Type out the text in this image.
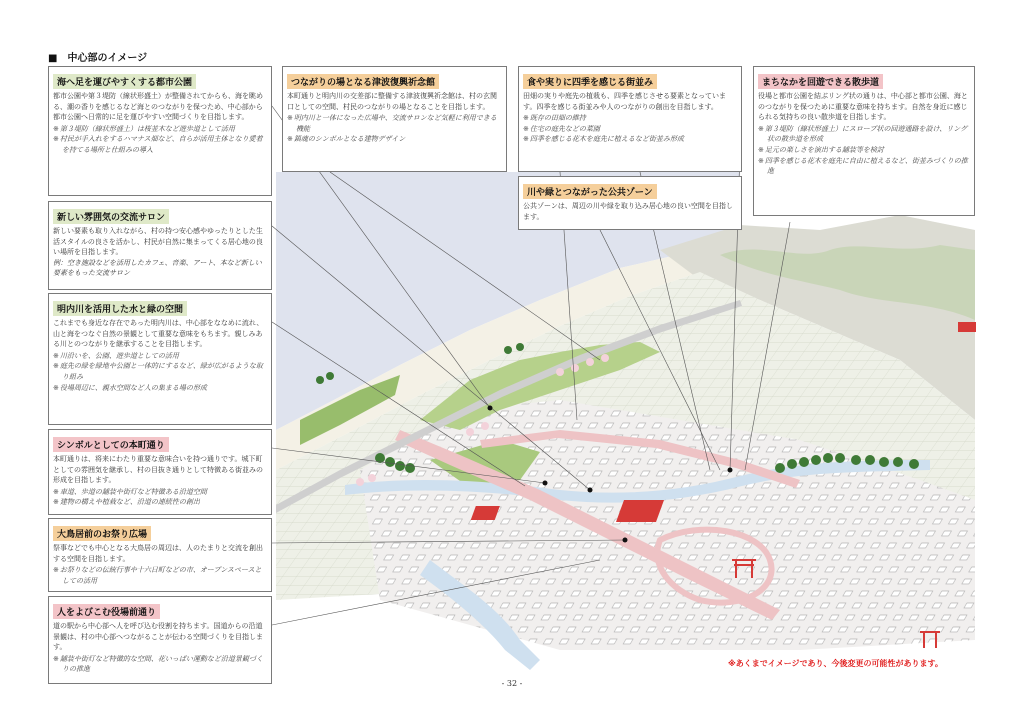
■　中心部のイメージ
海へ足を運びやすくする都市公園
都市公園や第３堤防（線状形盛土）が整備されてからも、海を眺める、潮の香りを感じるなど海とのつながりを保つため、中心部から都市公園へ日常的に足を運びやすい空間づくりを目指します。
※ 第３堤防（線状形盛土）は桜並木など遊歩道として活用
※ 村民が手入れをするハマナス畑など、自らが活用主体となり愛着を持てる場所と仕組みの導入
新しい雰囲気の交流サロン
新しい要素も取り入れながら、村の持つ安心感やゆったりとした生活スタイルの良さを活かし、村民が自然に集まってくる居心地の良い場所を目指します。
例：空き施設などを活用したカフェ、音楽、アート、本など新しい要素をもった交流サロン
明内川を活用した水と緑の空間
これまでも身近な存在であった明内川は、中心部をななめに流れ、山と海をつなぐ自然の景観として重要な意味をもちます。親しみある川とのつながりを継承することを目指します。
※ 川沿いを、公園、遊歩道としての活用
※ 庭先の緑を緑地や公園と一体的にするなど、緑が広がるような取り組み
※ 役場周辺に、親水空間など人の集まる場の形成
シンボルとしての本町通り
本町通りは、将来にわたり重要な意味合いを持つ通りです。城下町としての雰囲気を継承し、村の目抜き通りとして特徴ある街並みの形成を目指します。
※ 車道、歩道の舗装や街灯など特徴ある沿道空間
※ 建物の構えや植栽など、沿道の連続性の創出
大鳥居前のお祭り広場
祭事などでも中心となる大鳥居の周辺は、人のたまりと交流を創出する空間を目指します。
※ お祭りなどの伝統行事や十六日町などの市、オープンスペースとしての活用
人をよびこむ役場前通り
道の駅から中心部へ人を呼び込む役割を持ちます。国道からの沿道景観は、村の中心部へつながることが伝わる空間づくりを目指します。
※ 舗装や街灯など特徴的な空間、花いっぱい運動など沿道景観づくりの推進
つながりの場となる津波復興祈念館
本町通りと明内川の交差部に整備する津波復興祈念館は、村の玄関口としての空間、村民のつながりの場となることを目指します。
※ 明内川と一体になった広場や、交流サロンなど気軽に利用できる機能
※ 鎮魂のシンボルとなる建物デザイン
食や実りに四季を感じる街並み
田畑の実りや庭先の植栽も、四季を感じさせる要素となっています。四季を感じる街並みや人のつながりの創出を目指します。
※ 既存の田畑の維持
※ 住宅の庭先などの菜園
※ 四季を感じる花木を庭先に植えるなど街並み形成
川や緑とつながった公共ゾーン
公共ゾーンは、周辺の川や緑を取り込み居心地の良い空間を目指します。
まちなかを回遊できる散歩道
役場と都市公園を結ぶリング状の通りは、中心部と都市公園、海とのつながりを保つために重要な意味を持ちます。自然を身近に感じられる気持ちの良い散歩道を目指します。
※ 第３堤防（線状形盛土）にスロープ状の回遊通路を設け、リング状の散歩道を形成
※ 足元の楽しさを演出する舗装等を検討
※ 四季を感じる花木を庭先に自由に植えるなど、街並みづくりの推進
※あくまでイメージであり、今後変更の可能性があります。
- 32 -
